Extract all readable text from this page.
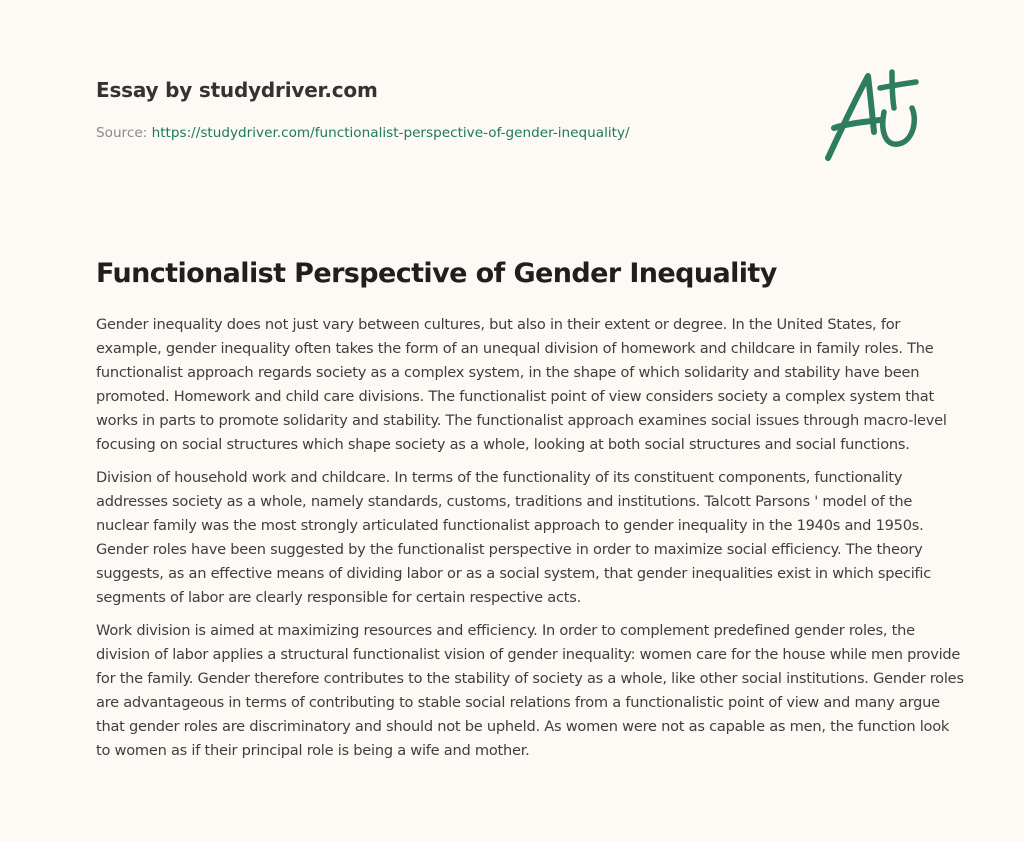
Essay by studydriver.com
Source: https://studydriver.com/functionalist-perspective-of-gender-inequality/
Functionalist Perspective of Gender Inequality

Gender inequality does not just vary between cultures, but also in their extent or degree. In the United States, for example, gender inequality often takes the form of an unequal division of homework and childcare in family roles. The functionalist approach regards society as a complex system, in the shape of which solidarity and stability have been promoted. Homework and child care divisions. The functionalist point of view considers society a complex system that works in parts to promote solidarity and stability. The functionalist approach examines social issues through macro-level focusing on social structures which shape society as a whole, looking at both social structures and social functions.

Division of household work and childcare. In terms of the functionality of its constituent components, functionality addresses society as a whole, namely standards, customs, traditions and institutions. Talcott Parsons ' model of the nuclear family was the most strongly articulated functionalist approach to gender inequality in the 1940s and 1950s. Gender roles have been suggested by the functionalist perspective in order to maximize social efficiency. The theory suggests, as an effective means of dividing labor or as a social system, that gender inequalities exist in which specific segments of labor are clearly responsible for certain respective acts.

Work division is aimed at maximizing resources and efficiency. In order to complement predefined gender roles, the division of labor applies a structural functionalist vision of gender inequality: women care for the house while men provide for the family. Gender therefore contributes to the stability of society as a whole, like other social institutions. Gender roles are advantageous in terms of contributing to stable social relations from a functionalistic point of view and many argue that gender roles are discriminatory and should not be upheld. As women were not as capable as men, the function look to women as if their principal role is being a wife and mother.
